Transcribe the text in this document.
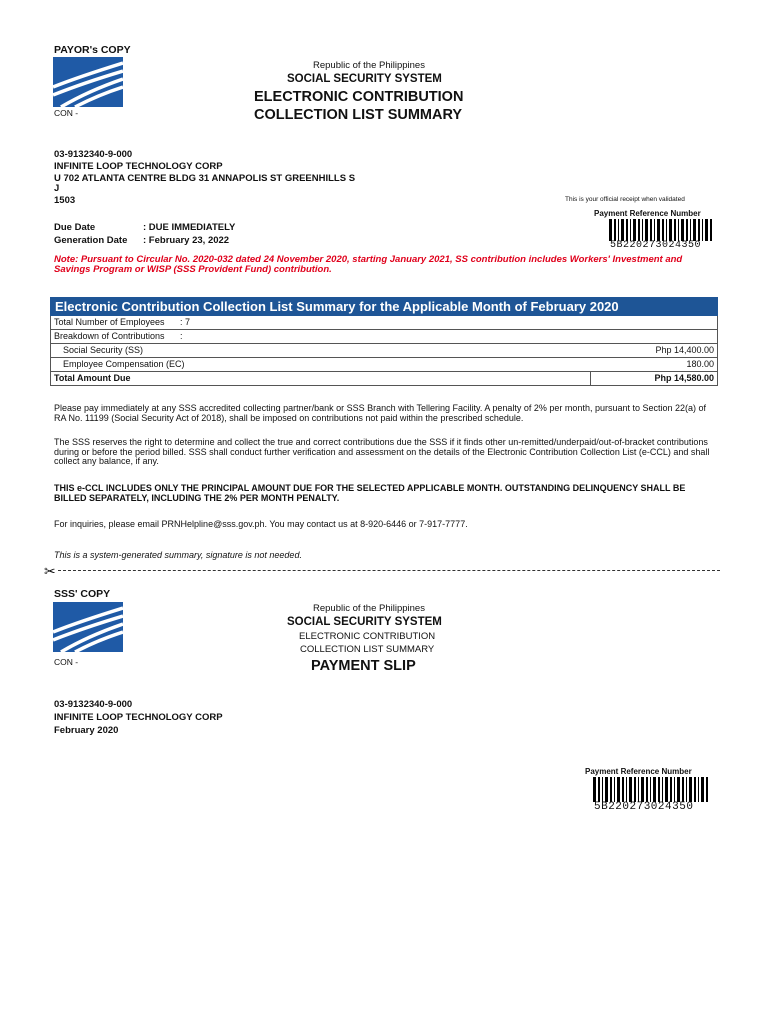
PAYOR's COPY
CON -
Republic of the Philippines
SOCIAL SECURITY SYSTEM
ELECTRONIC CONTRIBUTION
COLLECTION LIST SUMMARY
03-9132340-9-000
INFINITE LOOP TECHNOLOGY CORP
U 702 ATLANTA CENTRE BLDG 31 ANNAPOLIS ST GREENHILLS S
J
1503	This is your official receipt when validated
Payment Reference Number
5B220273024350
Due Date	: DUE IMMEDIATELY
Generation Date : February 23, 2022
Note: Pursuant to Circular No. 2020-032 dated 24 November 2020, starting January 2021, SS contribution includes Workers' Investment and Savings Program or WISP (SSS Provident Fund) contribution.
Electronic Contribution Collection List Summary for the Applicable Month of February 2020	
Total Number of Employees : 7	
Breakdown of Contributions :	
Social Security (SS)	Php 14,400.00
Employee Compensation (EC)	180.00
Total Amount Due	Php 14,580.00
Please pay immediately at any SSS accredited collecting partner/bank or SSS Branch with Tellering Facility. A penalty of 2% per month, pursuant to Section 22(a) of RA No. 11199 (Social Security Act of 2018), shall be imposed on contributions not paid within the prescribed schedule.
The SSS reserves the right to determine and collect the true and correct contributions due the SSS if it finds other un-remitted/underpaid/out-of-bracket contributions during or before the period billed. SSS shall conduct further verification and assessment on the details of the Electronic Contribution Collection List (e-CCL) and shall collect any balance, if any.
THIS e-CCL INCLUDES ONLY THE PRINCIPAL AMOUNT DUE FOR THE SELECTED APPLICABLE MONTH. OUTSTANDING DELINQUENCY SHALL BE BILLED SEPARATELY, INCLUDING THE 2% PER MONTH PENALTY.
For inquiries, please email PRNHelpline@sss.gov.ph. You may contact us at 8-920-6446 or 7-917-7777.
This is a system-generated summary, signature is not needed.
✂
SSS' COPY
CON -
Republic of the Philippines
SOCIAL SECURITY SYSTEM
ELECTRONIC CONTRIBUTION
COLLECTION LIST SUMMARY
PAYMENT SLIP
03-9132340-9-000
INFINITE LOOP TECHNOLOGY CORP
February 2020
Payment Reference Number
5B220273024350
